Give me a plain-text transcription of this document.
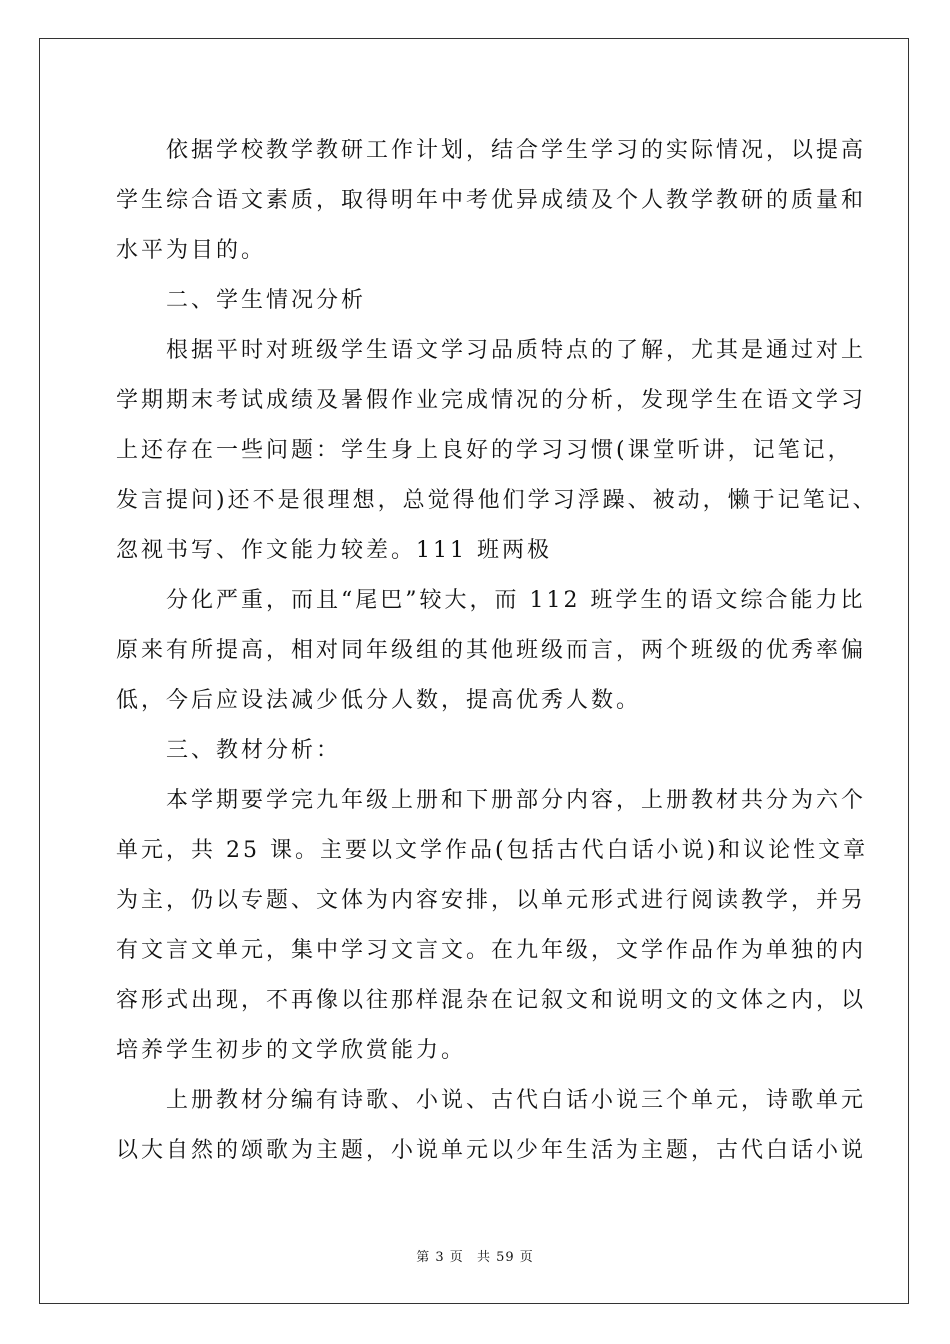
依据学校教学教研工作计划，结合学生学习的实际情况，以提高
学生综合语文素质，取得明年中考优异成绩及个人教学教研的质量和
水平为目的。
二、学生情况分析
根据平时对班级学生语文学习品质特点的了解，尤其是通过对上
学期期末考试成绩及暑假作业完成情况的分析，发现学生在语文学习
上还存在一些问题：学生身上良好的学习习惯(课堂听讲，记笔记，
发言提问)还不是很理想，总觉得他们学习浮躁、被动，懒于记笔记、
忽视书写、作文能力较差。111 班两极
分化严重，而且“尾巴”较大，而 112 班学生的语文综合能力比
原来有所提高，相对同年级组的其他班级而言，两个班级的优秀率偏
低，今后应设法减少低分人数，提高优秀人数。
三、教材分析：
本学期要学完九年级上册和下册部分内容，上册教材共分为六个
单元，共 25 课。主要以文学作品(包括古代白话小说)和议论性文章
为主，仍以专题、文体为内容安排，以单元形式进行阅读教学，并另
有文言文单元，集中学习文言文。在九年级，文学作品作为单独的内
容形式出现，不再像以往那样混杂在记叙文和说明文的文体之内，以
培养学生初步的文学欣赏能力。
上册教材分编有诗歌、小说、古代白话小说三个单元，诗歌单元
以大自然的颂歌为主题，小说单元以少年生活为主题，古代白话小说
第 3 页 共 59 页
